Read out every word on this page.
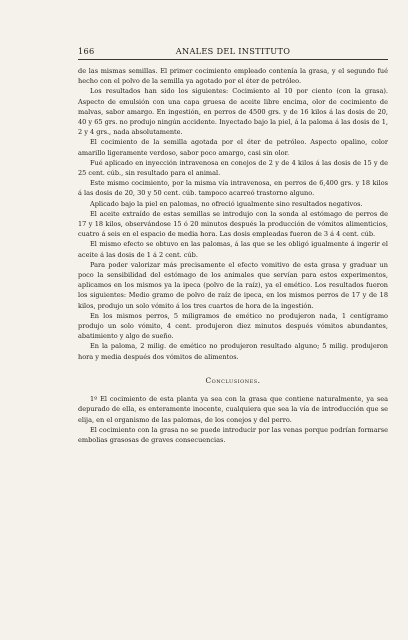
166	ANALES DEL INSTITUTO

de las mismas semillas. El primer cocimiento empleado contenía la grasa, y el segundo fué hecho con el polvo de la semilla ya agotado por el éter de petróleo.

Los resultados han sido los siguientes: Cocimiento al 10 por ciento (con la grasa). Aspecto de emulsión con una capa gruesa de aceite libre encima, olor de cocimiento de malvas, sabor amargo. En ingestión, en perros de 4500 grs. y de 16 kilos á las dosis de 20, 40 y 65 grs. no produjo ningún accidente. Inyectado bajo la piel, á la paloma á las dosis de 1, 2 y 4 grs., nada absolutamente.

El cocimiento de la semilla agotada por el éter de petróleo. Aspecto opalino, color amarillo ligeramente verdoso, sabor poco amargo, casi sin olor.

Fué aplicado en inyección intravenosa en conejos de 2 y de 4 kilos á las dosis de 15 y de 25 cent. cúb., sin resultado para el animal.

Este mismo cocimiento, por la misma vía intravenosa, en perros de 6,400 grs. y 18 kilos á las dosis de 20, 30 y 50 cent. cúb. tampoco acarreó trastorno alguno.

Aplicado bajo la piel en palomas, no ofreció igualmente sino resultados negativos.

El aceite extraído de estas semillas se introdujo con la sonda al estómago de perros de 17 y 18 kilos, observándose 15 ó 20 minutos después la producción de vómitos alimenticios, cuatro á seis en el espacio de media hora. Las dosis empleadas fueron de 3 á 4 cent. cúb.

El mismo efecto se obtuvo en las palomas, á las que se les obligó igualmente á ingerir el aceite á las dosis de 1 á 2 cent. cúb.

Para poder valorizar más precisamente el efecto vomitivo de esta grasa y graduar un poco la sensibilidad del estómago de los animales que servían para estos experimentos, aplicamos en los mismos ya la ipeca (polvo de la raíz), ya el emético. Los resultados fueron los siguientes: Medio gramo de polvo de raíz de ipeca, en los mismos perros de 17 y de 18 kilos, produjo un solo vómito á los tres cuartos de hora de la ingestión.

En los mismos perros, 5 miligramos de emético no produjeron nada, 1 centígramo produjo un solo vómito, 4 cent. produjeron diez minutos después vómitos abundantes, abatimiento y algo de sueño.

En la paloma, 2 milig. de emético no produjeron resultado alguno; 5 milig. produjeron hora y media después dos vómitos de alimentos.

Conclusiones.

1º El cocimiento de esta planta ya sea con la grasa que contiene naturalmente, ya sea depurado de ella, es enteramente inocente, cualquiera que sea la vía de introducción que se elija, en el organismo de las palomas, de los conejos y del perro.

El cocimiento con la grasa no se puede introducir por las venas porque podrían formarse embolias grasosas de graves consecuencias.
